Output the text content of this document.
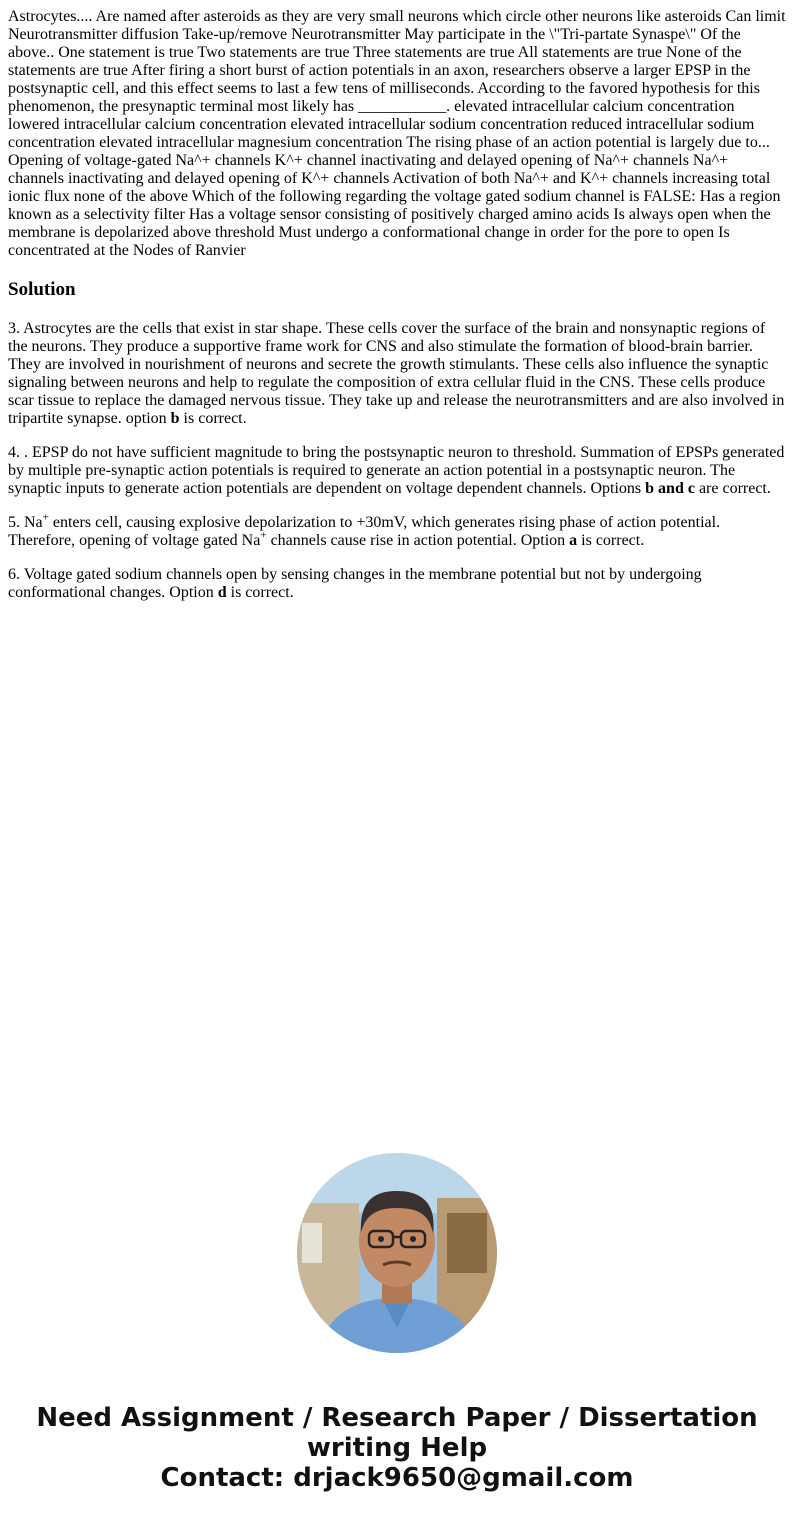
Astrocytes.... Are named after asteroids as they are very small neurons which circle other neurons like asteroids Can limit Neurotransmitter diffusion Take-up/remove Neurotransmitter May participate in the \"Tri-partate Synaspe\" Of the above.. One statement is true Two statements are true Three statements are true All statements are true None of the statements are true After firing a short burst of action potentials in an axon, researchers observe a larger EPSP in the postsynaptic cell, and this effect seems to last a few tens of milliseconds. According to the favored hypothesis for this phenomenon, the presynaptic terminal most likely has ___________. elevated intracellular calcium concentration lowered intracellular calcium concentration elevated intracellular sodium concentration reduced intracellular sodium concentration elevated intracellular magnesium concentration The rising phase of an action potential is largely due to... Opening of voltage-gated Na^+ channels K^+ channel inactivating and delayed opening of Na^+ channels Na^+ channels inactivating and delayed opening of K^+ channels Activation of both Na^+ and K^+ channels increasing total ionic flux none of the above Which of the following regarding the voltage gated sodium channel is FALSE: Has a region known as a selectivity filter Has a voltage sensor consisting of positively charged amino acids Is always open when the membrane is depolarized above threshold Must undergo a conformational change in order for the pore to open Is concentrated at the Nodes of Ranvier

Solution

3. Astrocytes are the cells that exist in star shape. These cells cover the surface of the brain and nonsynaptic regions of the neurons. They produce a supportive frame work for CNS and also stimulate the formation of blood-brain barrier. They are involved in nourishment of neurons and secrete the growth stimulants. These cells also influence the synaptic signaling between neurons and help to regulate the composition of extra cellular fluid in the CNS. These cells produce scar tissue to replace the damaged nervous tissue. They take up and release the neurotransmitters and are also involved in tripartite synapse. option b is correct.

4. . EPSP do not have sufficient magnitude to bring the postsynaptic neuron to threshold. Summation of EPSPs generated by multiple pre-synaptic action potentials is required to generate an action potential in a postsynaptic neuron. The synaptic inputs to generate action potentials are dependent on voltage dependent channels. Options b and c are correct.

5. Na+ enters cell, causing explosive depolarization to +30mV, which generates rising phase of action potential. Therefore, opening of voltage gated Na+ channels cause rise in action potential. Option a is correct.

6. Voltage gated sodium channels open by sensing changes in the membrane potential but not by undergoing conformational changes. Option d is correct.

Need Assignment / Research Paper / Dissertation
writing Help
Contact: drjack9650@gmail.com
